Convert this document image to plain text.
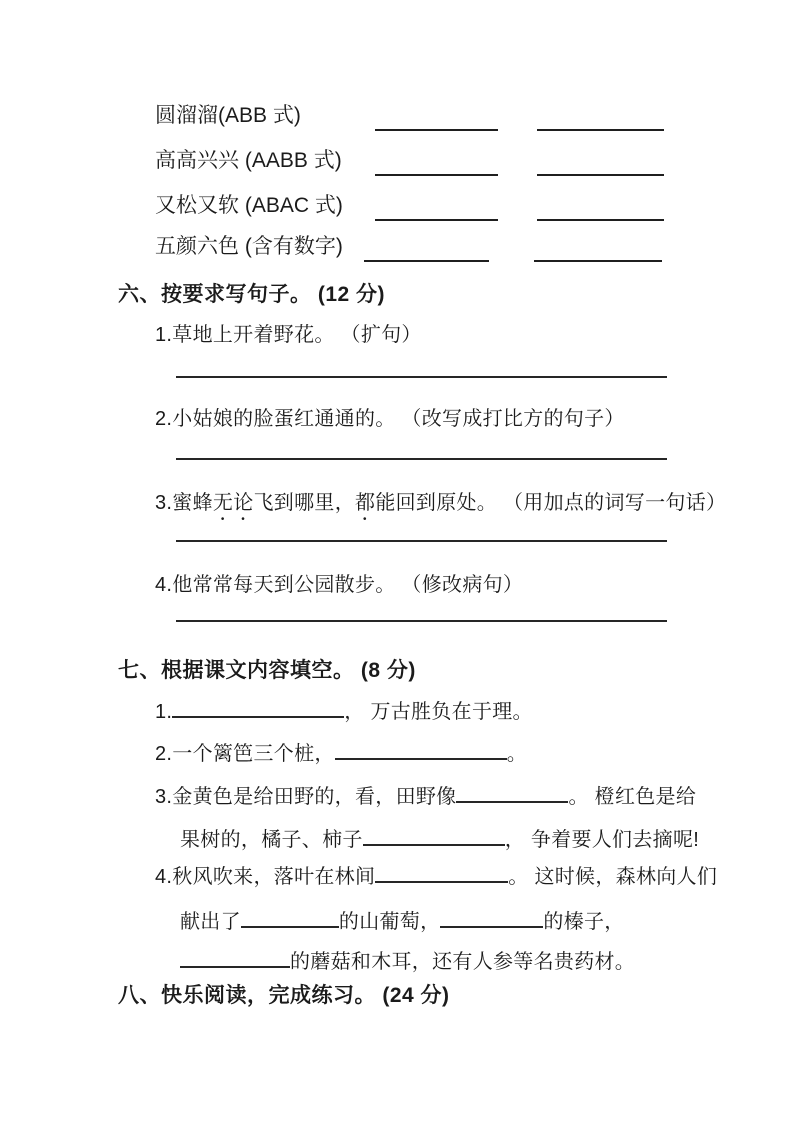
圆溜溜(ABB 式)
高高兴兴 (AABB 式)
又松又软 (ABAC 式)
五颜六色 (含有数字)
六、按要求写句子。 (12 分)
1.草地上开着野花。 （扩句）
2.小姑娘的脸蛋红通通的。 （改写成打比方的句子）
3.蜜蜂无论飞到哪里，都能回到原处。 （用加点的词写一句话）
4.他常常每天到公园散步。 （修改病句）
七、根据课文内容填空。 (8 分)
1.	， 万古胜负在于理。
2.一个篱笆三个桩，	。
3.金黄色是给田野的，看，田野像	。 橙红色是给
果树的，橘子、柿子	， 争着要人们去摘呢!
4.秋风吹来，落叶在林间	。 这时候，森林向人们
献出了	的山葡萄，	的榛子，
的蘑菇和木耳，还有人参等名贵药材。
八、快乐阅读，完成练习。 (24 分)
